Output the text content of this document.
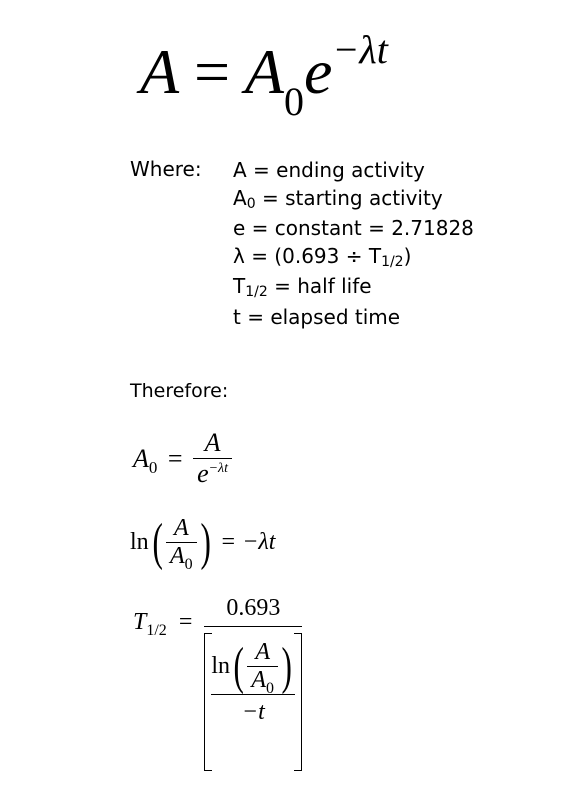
$A = A_0e^{-\lambda t}$
Where: A = ending activity
A0 = starting activity
e = constant = 2.71828
λ = (0.693 ÷ T1/2)
T1/2 = half life
t = elapsed time
Therefore:
$A_0 = \frac{A}{e^{-\lambda t}}$
$\ln( \frac{A}{A_0}$ ) = −λt
$T_{1/2}$ =
0.693
$\frac{\ln( \frac{A}{A_0} )}{-t}$
